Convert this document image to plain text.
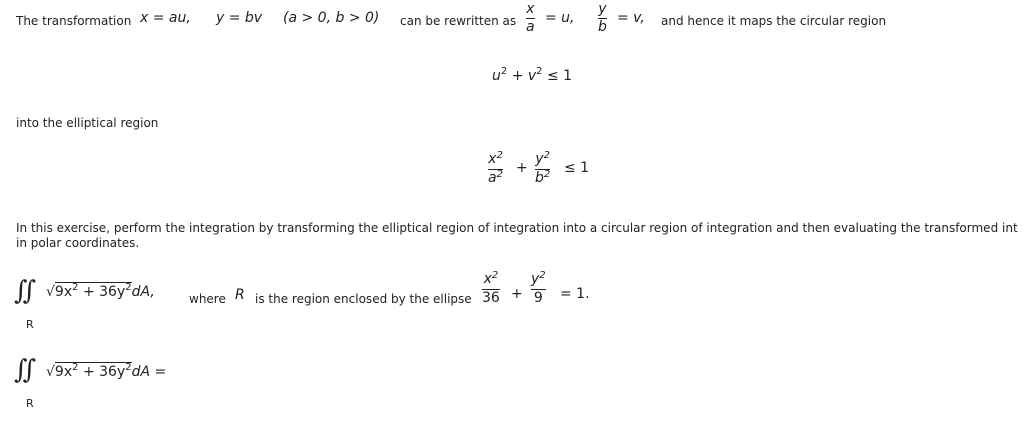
The transformation x = au, y = bv (a > 0, b > 0) can be rewritten as
x
a
= u,
y
b
= v, and hence it maps the circular region
$u^2 + v^2 \le 1$
into the elliptical region
$x^2$
$a^2$ +
$y^2$
$b^2 \le 1$
In this exercise, perform the integration by transforming the elliptical region of integration into a circular region of integration and then evaluating the transformed int
in polar coordinates.
∬
R
$√9x^2 + 36y^2dA$,	where R is the region enclosed by the ellipse
$x^2$
36 +
$y^2$
9 = 1.
∬
R
$√9x^2 + 36y^2dA$ =
